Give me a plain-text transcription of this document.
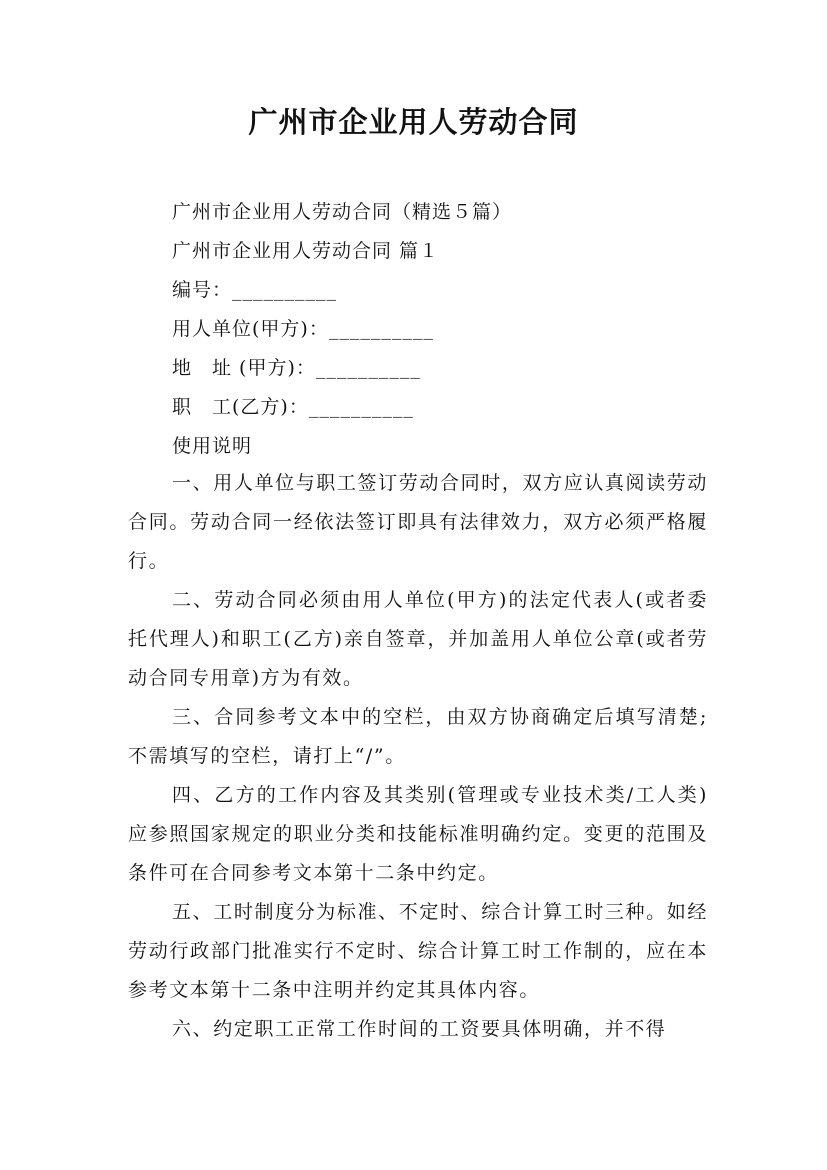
广州市企业用人劳动合同
广州市企业用人劳动合同（精选５篇）
广州市企业用人劳动合同 篇１
编号：__________
用人单位(甲方)：__________
地　址 (甲方)：__________
职　工(乙方)：__________
使用说明
一、用人单位与职工签订劳动合同时，双方应认真阅读劳动合同。劳动合同一经依法签订即具有法律效力，双方必须严格履行。
二、劳动合同必须由用人单位(甲方)的法定代表人(或者委托代理人)和职工(乙方)亲自签章，并加盖用人单位公章(或者劳动合同专用章)方为有效。
三、合同参考文本中的空栏，由双方协商确定后填写清楚;不需填写的空栏，请打上“/”。
四、乙方的工作内容及其类别(管理或专业技术类/工人类)应参照国家规定的职业分类和技能标准明确约定。变更的范围及条件可在合同参考文本第十二条中约定。
五、工时制度分为标准、不定时、综合计算工时三种。如经劳动行政部门批准实行不定时、综合计算工时工作制的，应在本参考文本第十二条中注明并约定其具体内容。
六、约定职工正常工作时间的工资要具体明确，并不得
